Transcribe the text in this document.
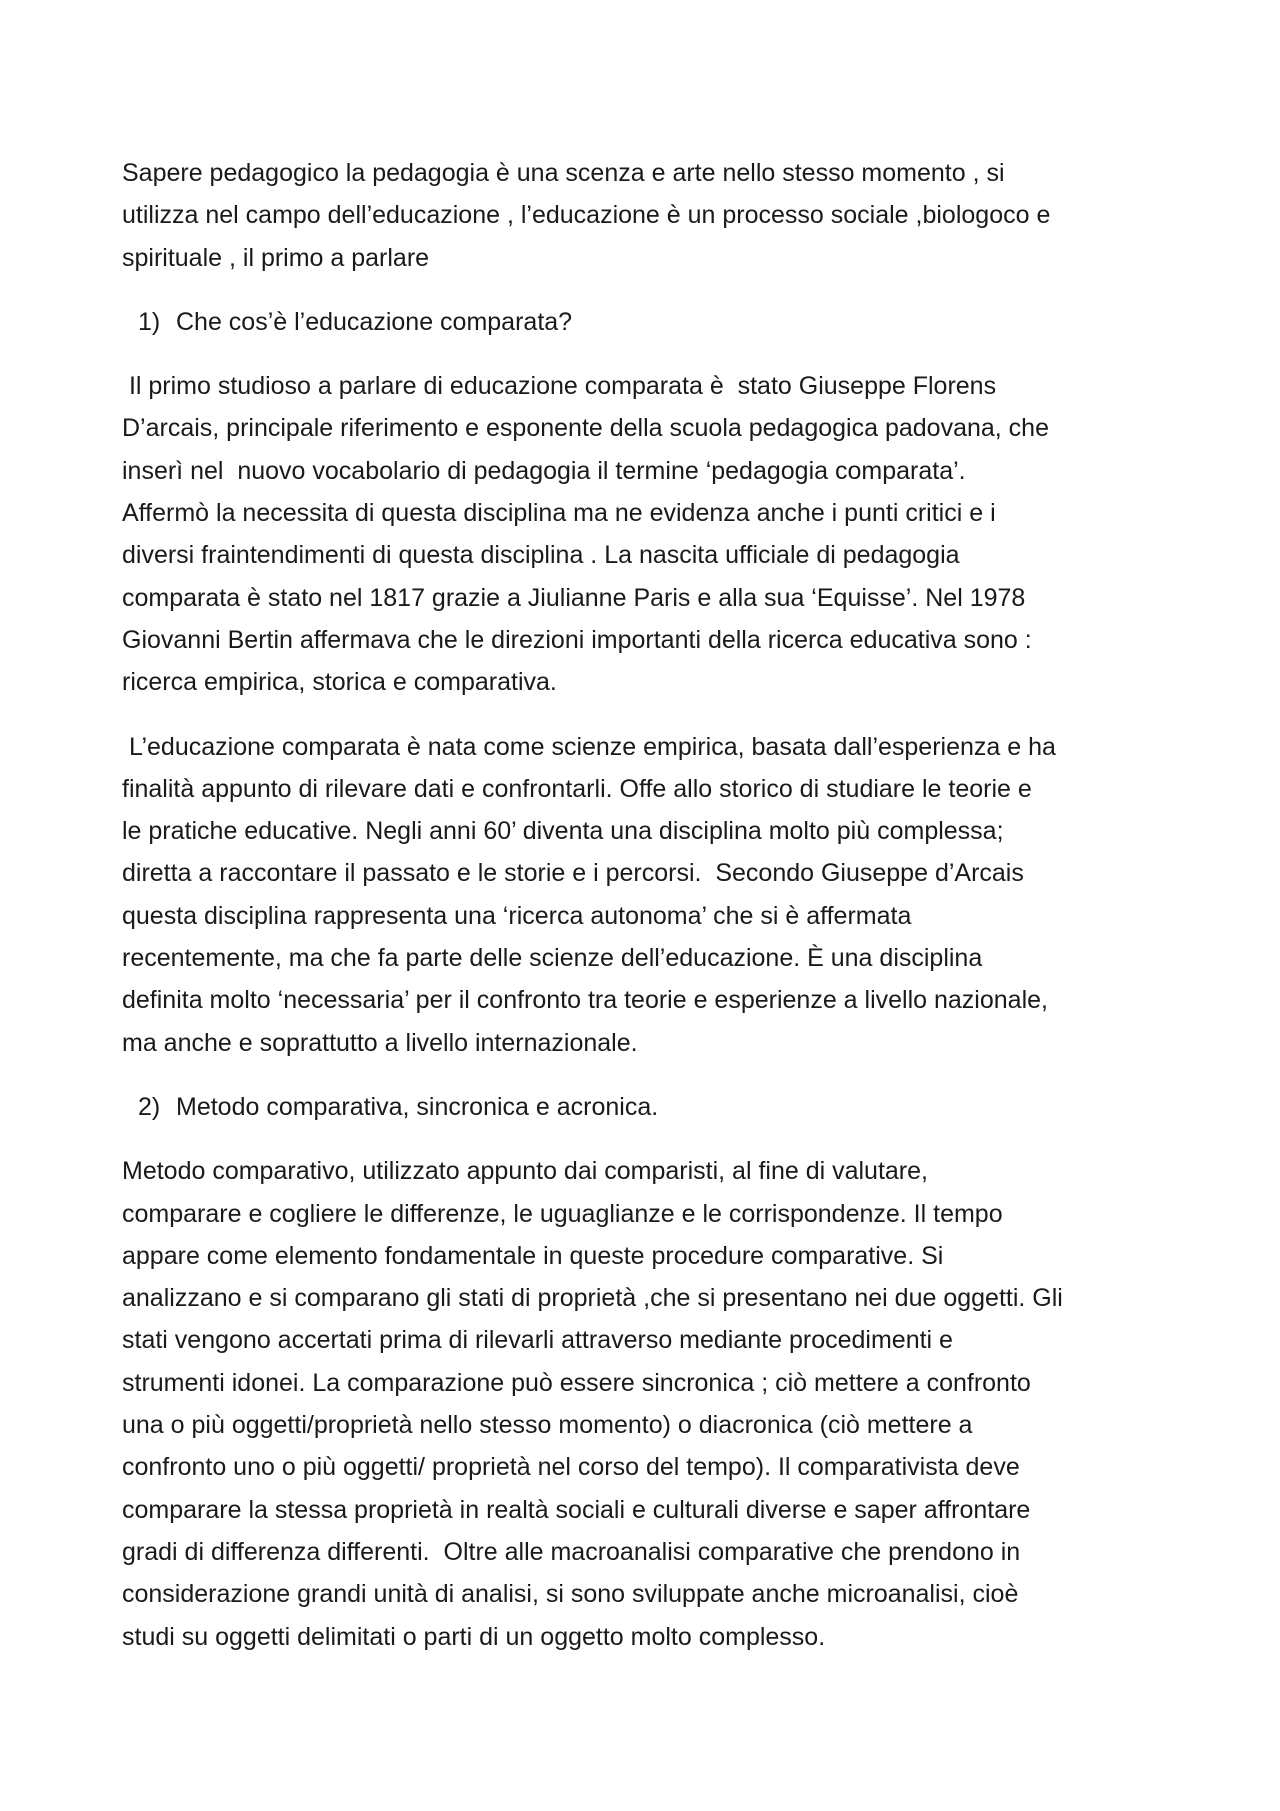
Sapere pedagogico la pedagogia è una scenza e arte nello stesso momento , si
utilizza nel campo dell’educazione , l’educazione è un processo sociale ,biologoco e
spirituale , il primo a parlare

1) Che cos’è l’educazione comparata?

Il primo studioso a parlare di educazione comparata è  stato Giuseppe Florens
D’arcais, principale riferimento e esponente della scuola pedagogica padovana, che
inserì nel  nuovo vocabolario di pedagogia il termine ‘pedagogia comparata’.
Affermò la necessita di questa disciplina ma ne evidenza anche i punti critici e i
diversi fraintendimenti di questa disciplina . La nascita ufficiale di pedagogia
comparata è stato nel 1817 grazie a Jiulianne Paris e alla sua ‘Equisse’. Nel 1978
Giovanni Bertin affermava che le direzioni importanti della ricerca educativa sono :
ricerca empirica, storica e comparativa.

L’educazione comparata è nata come scienze empirica, basata dall’esperienza e ha
finalità appunto di rilevare dati e confrontarli. Offe allo storico di studiare le teorie e
le pratiche educative. Negli anni 60’ diventa una disciplina molto più complessa;
diretta a raccontare il passato e le storie e i percorsi.  Secondo Giuseppe d’Arcais
questa disciplina rappresenta una ‘ricerca autonoma’ che si è affermata
recentemente, ma che fa parte delle scienze dell’educazione. È una disciplina
definita molto ‘necessaria’ per il confronto tra teorie e esperienze a livello nazionale,
ma anche e soprattutto a livello internazionale.

2) Metodo comparativa, sincronica e acronica.

Metodo comparativo, utilizzato appunto dai comparisti, al fine di valutare,
comparare e cogliere le differenze, le uguaglianze e le corrispondenze. Il tempo
appare come elemento fondamentale in queste procedure comparative. Si
analizzano e si comparano gli stati di proprietà ,che si presentano nei due oggetti. Gli
stati vengono accertati prima di rilevarli attraverso mediante procedimenti e
strumenti idonei. La comparazione può essere sincronica ; ciò mettere a confronto
una o più oggetti/proprietà nello stesso momento) o diacronica (ciò mettere a
confronto uno o più oggetti/ proprietà nel corso del tempo). Il comparativista deve
comparare la stessa proprietà in realtà sociali e culturali diverse e saper affrontare
gradi di differenza differenti.  Oltre alle macroanalisi comparative che prendono in
considerazione grandi unità di analisi, si sono sviluppate anche microanalisi, cioè
studi su oggetti delimitati o parti di un oggetto molto complesso.
